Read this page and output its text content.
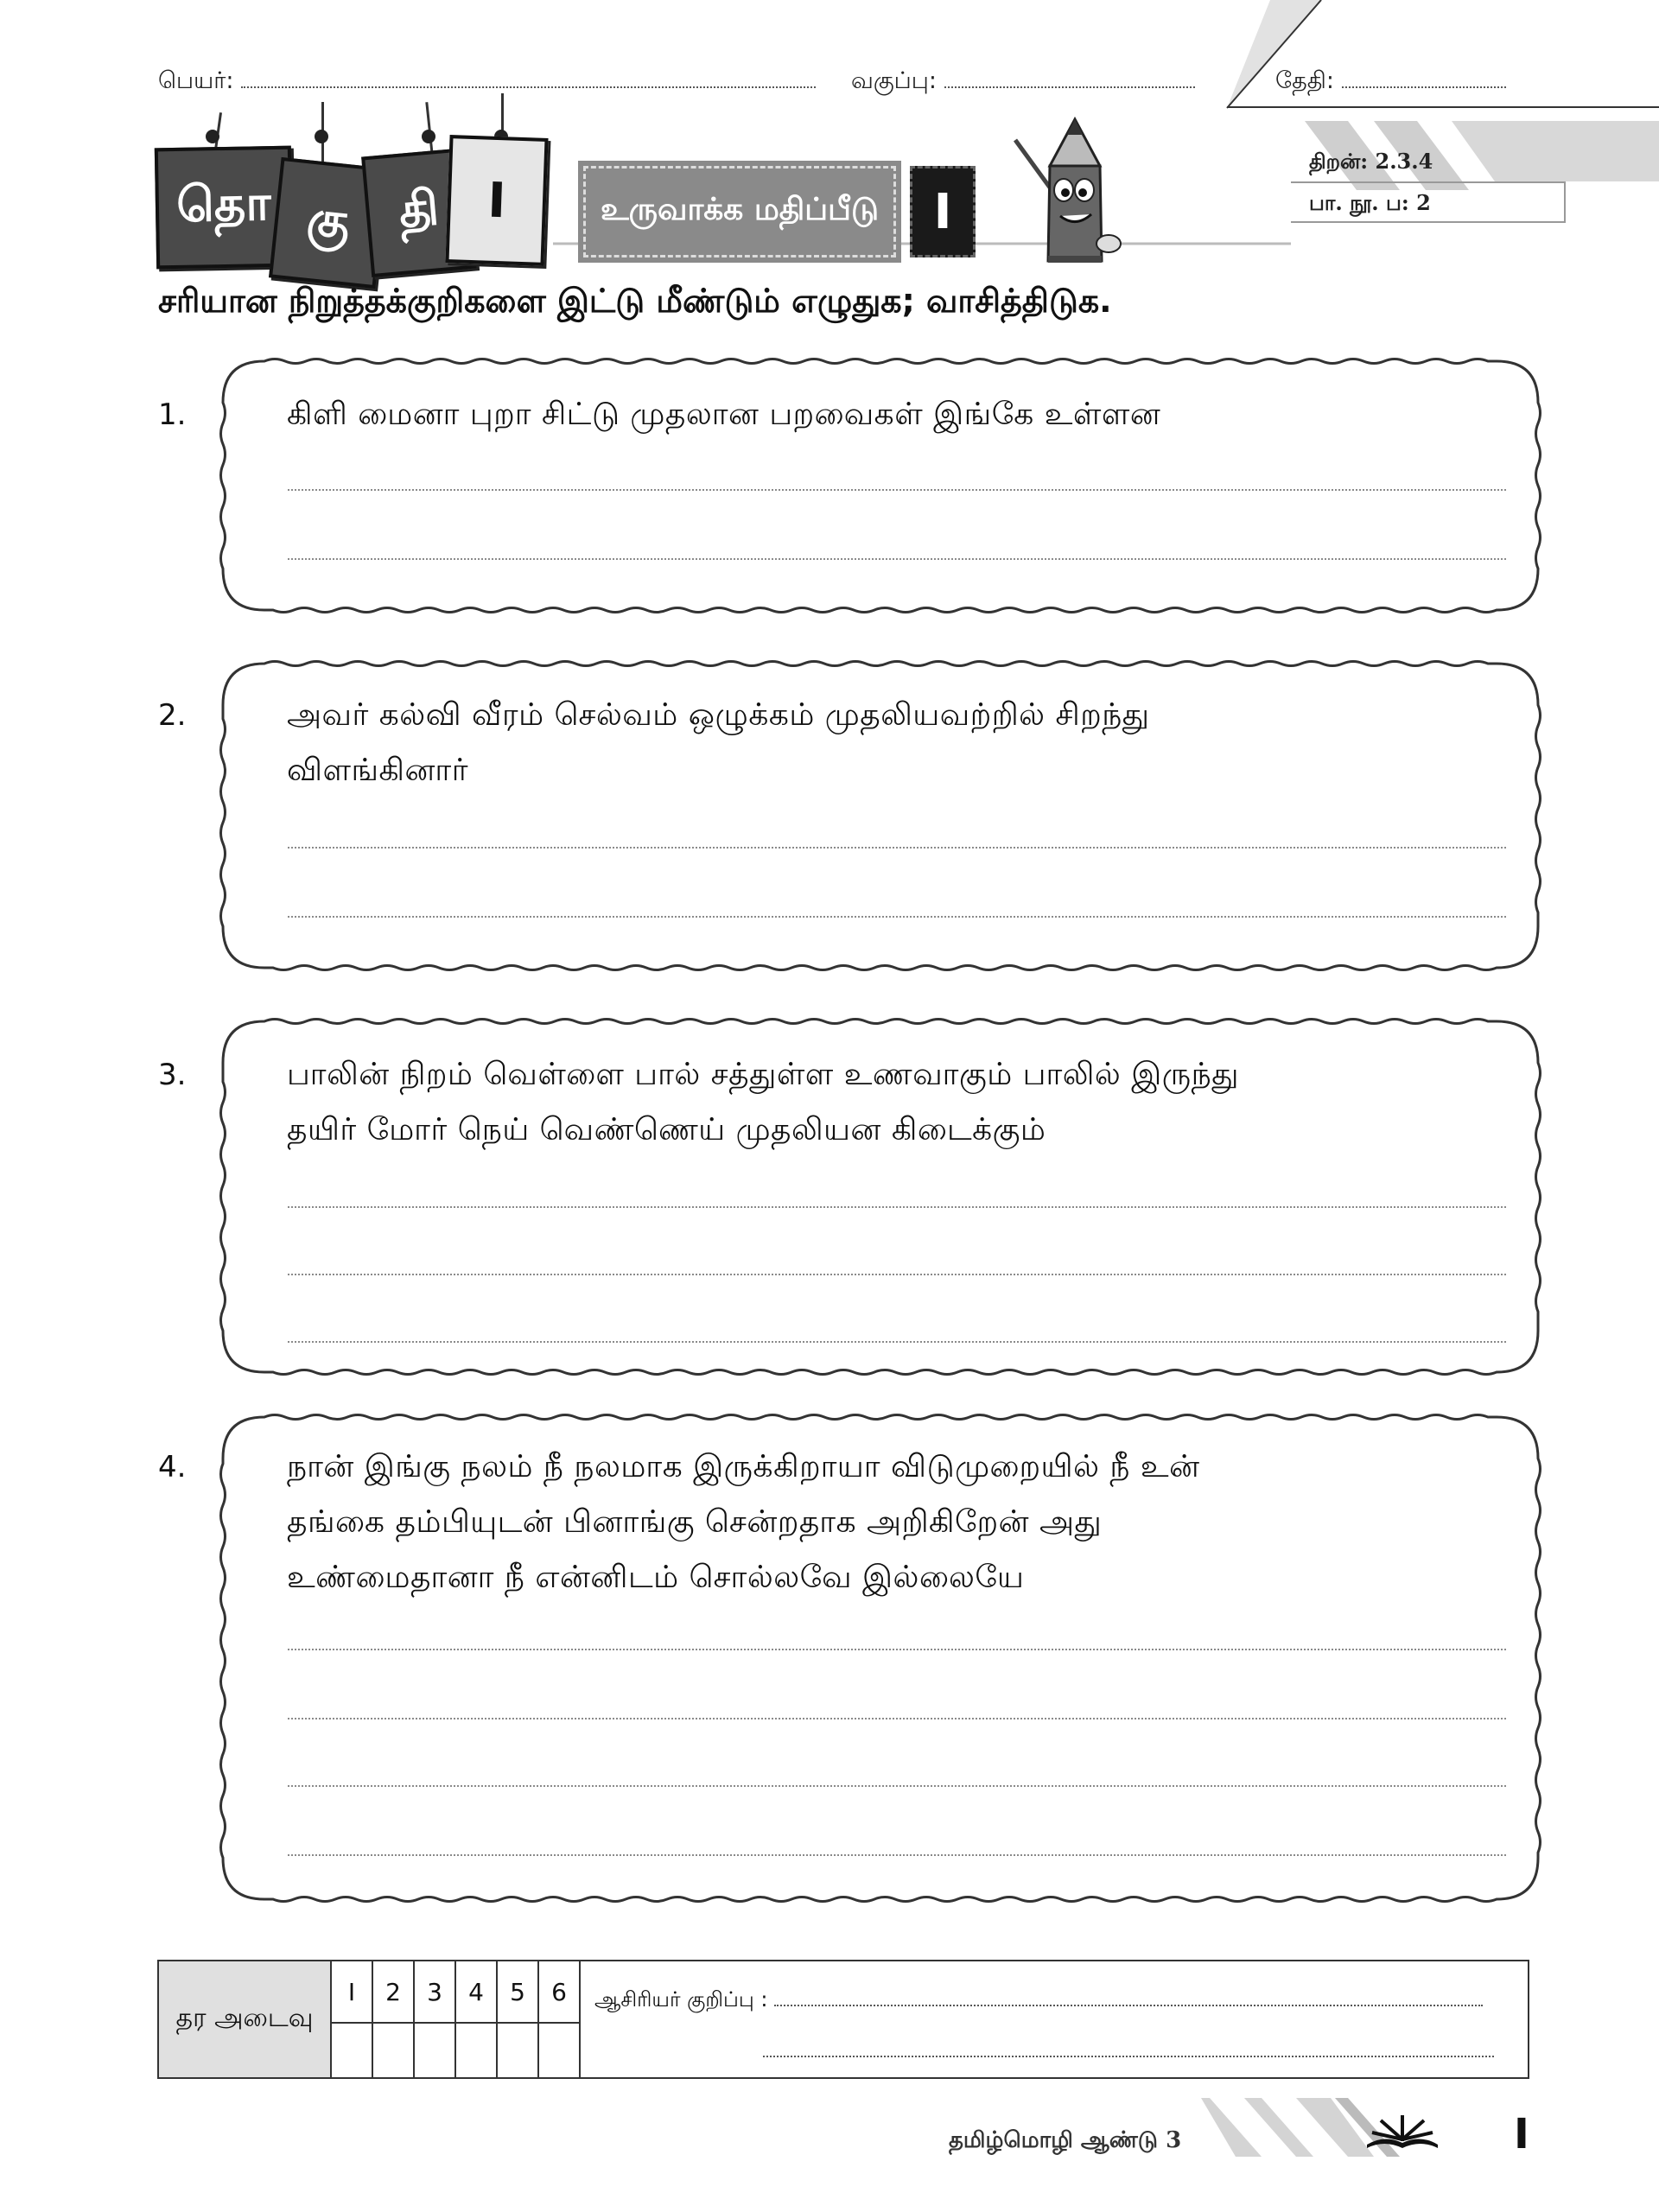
பெயர்:	வகுப்பு:	தேதி:
தொ கு தி I	உருவாக்க மதிப்பீடு	I
திறன்: 2.3.4
பா. நூ. ப: 2
சரியான நிறுத்தக்குறிகளை இட்டு மீண்டும் எழுதுக; வாசித்திடுக.
1.	கிளி மைனா புறா சிட்டு முதலான பறவைகள் இங்கே உள்ளன
2.	அவர் கல்வி வீரம் செல்வம் ஒழுக்கம் முதலியவற்றில் சிறந்து
விளங்கினார்
3.	பாலின் நிறம் வெள்ளை பால் சத்துள்ள உணவாகும் பாலில் இருந்து
தயிர் மோர் நெய் வெண்ணெய் முதலியன கிடைக்கும்
4.	நான் இங்கு நலம் நீ நலமாக இருக்கிறாயா விடுமுறையில் நீ உன்
தங்கை தம்பியுடன் பினாங்கு சென்றதாக அறிகிறேன் அது
உண்மைதானா நீ என்னிடம் சொல்லவே இல்லையே
தர அடைவு	I	2	3	4	5	6	ஆசிரியர் குறிப்பு :

தமிழ்மொழி ஆண்டு 3	I
